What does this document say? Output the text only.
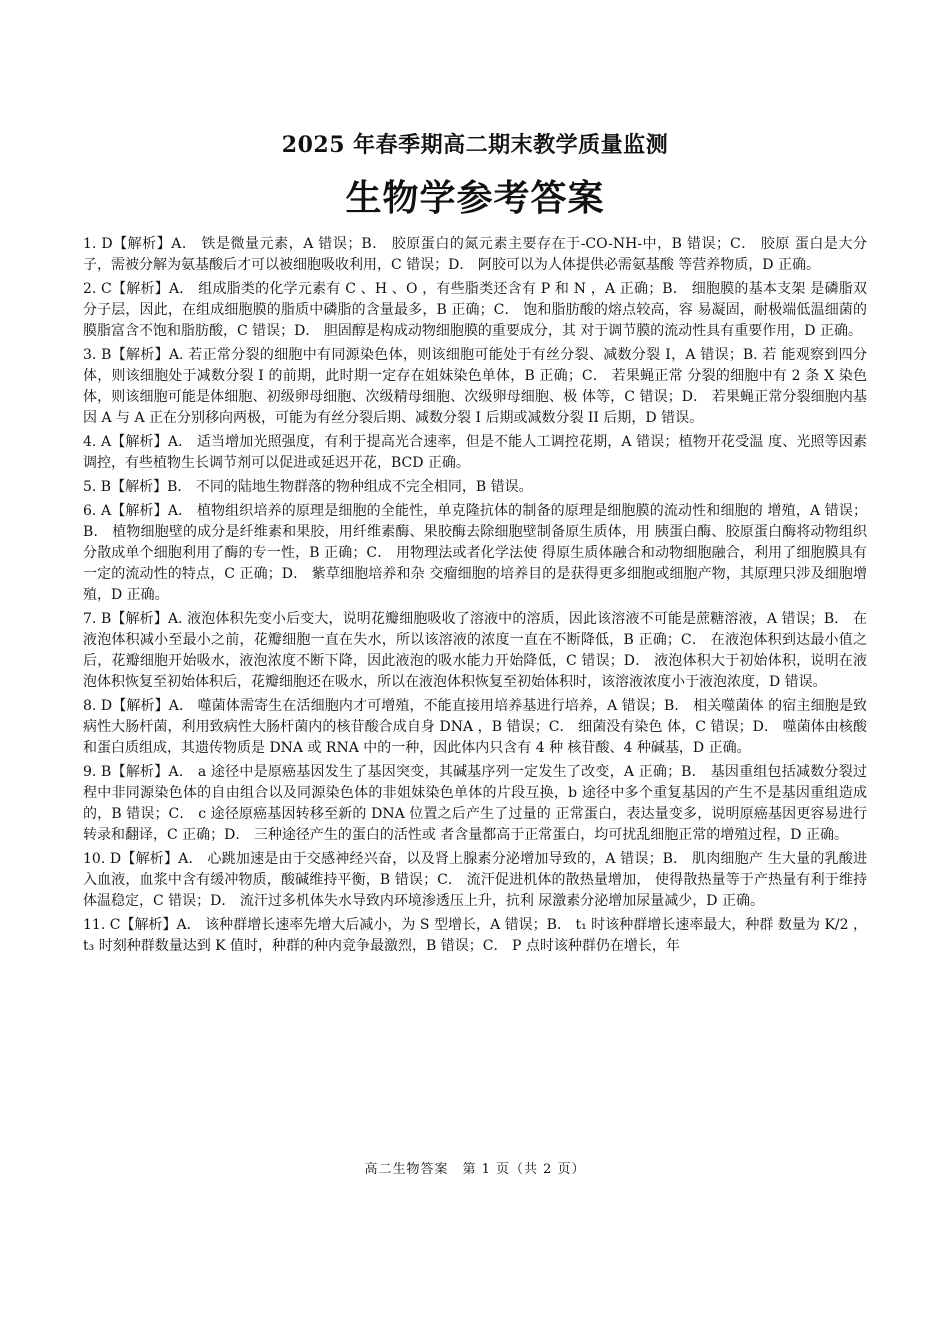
2025 年春季期高二期末教学质量监测
生物学参考答案

1. D【解析】A． 铁是微量元素，A 错误；B． 胶原蛋白的氮元素主要存在于-CO-NH-中，B 错误；C． 胶原 蛋白是大分子，需被分解为氨基酸后才可以被细胞吸收利用，C 错误；D． 阿胶可以为人体提供必需氨基酸 等营养物质，D 正确。

2. C【解析】A． 组成脂类的化学元素有 C 、H 、O ，有些脂类还含有 P 和 N ，A 正确；B． 细胞膜的基本支架 是磷脂双分子层，因此，在组成细胞膜的脂质中磷脂的含量最多，B 正确；C． 饱和脂肪酸的熔点较高，容 易凝固，耐极端低温细菌的膜脂富含不饱和脂肪酸，C 错误；D． 胆固醇是构成动物细胞膜的重要成分，其 对于调节膜的流动性具有重要作用，D 正确。

3. B【解析】A. 若正常分裂的细胞中有同源染色体，则该细胞可能处于有丝分裂、减数分裂 I，A 错误；B. 若 能观察到四分体，则该细胞处于减数分裂 I 的前期，此时期一定存在姐妹染色单体，B 正确；C． 若果蝇正常 分裂的细胞中有 2 条 X 染色体，则该细胞可能是体细胞、初级卵母细胞、次级精母细胞、次级卵母细胞、极 体等，C 错误；D． 若果蝇正常分裂细胞内基因 A 与 A 正在分别移向两极，可能为有丝分裂后期、减数分裂 I 后期或减数分裂 II 后期，D 错误。

4. A【解析】A． 适当增加光照强度，有利于提高光合速率，但是不能人工调控花期，A 错误；植物开花受温 度、光照等因素调控，有些植物生长调节剂可以促进或延迟开花，BCD 正确。

5. B【解析】B． 不同的陆地生物群落的物种组成不完全相同，B 错误。

6. A【解析】A． 植物组织培养的原理是细胞的全能性，单克隆抗体的制备的原理是细胞膜的流动性和细胞的 增殖，A 错误；B． 植物细胞壁的成分是纤维素和果胶，用纤维素酶、果胶酶去除细胞壁制备原生质体，用 胰蛋白酶、胶原蛋白酶将动物组织分散成单个细胞利用了酶的专一性，B 正确；C． 用物理法或者化学法使 得原生质体融合和动物细胞融合，利用了细胞膜具有一定的流动性的特点，C 正确；D． 紫草细胞培养和杂 交瘤细胞的培养目的是获得更多细胞或细胞产物，其原理只涉及细胞增殖，D 正确。

7. B【解析】A. 液泡体积先变小后变大，说明花瓣细胞吸收了溶液中的溶质，因此该溶液不可能是蔗糖溶液，A 错误；B． 在液泡体积减小至最小之前，花瓣细胞一直在失水，所以该溶液的浓度一直在不断降低，B 正确；C． 在液泡体积到达最小值之后，花瓣细胞开始吸水，液泡浓度不断下降，因此液泡的吸水能力开始降低，C 错误；D． 液泡体积大于初始体积，说明在液泡体积恢复至初始体积后，花瓣细胞还在吸水，所以在液泡体积恢复至初始体积时，该溶液浓度小于液泡浓度，D 错误。

8. D【解析】A． 噬菌体需寄生在活细胞内才可增殖，不能直接用培养基进行培养，A 错误；B． 相关噬菌体 的宿主细胞是致病性大肠杆菌，利用致病性大肠杆菌内的核苷酸合成自身 DNA ，B 错误；C． 细菌没有染色 体，C 错误；D． 噬菌体由核酸和蛋白质组成，其遗传物质是 DNA 或 RNA 中的一种，因此体内只含有 4 种 核苷酸、4 种碱基，D 正确。

9. B【解析】A． a 途径中是原癌基因发生了基因突变，其碱基序列一定发生了改变，A 正确；B． 基因重组包括减数分裂过程中非同源染色体的自由组合以及同源染色体的非姐妹染色单体的片段互换，b 途径中多个重复基因的产生不是基因重组造成的，B 错误；C． c 途径原癌基因转移至新的 DNA 位置之后产生了过量的 正常蛋白，表达量变多，说明原癌基因更容易进行转录和翻译，C 正确；D． 三种途径产生的蛋白的活性或 者含量都高于正常蛋白，均可扰乱细胞正常的增殖过程，D 正确。

10. D【解析】A． 心跳加速是由于交感神经兴奋，以及肾上腺素分泌增加导致的，A 错误；B． 肌肉细胞产 生大量的乳酸进入血液，血浆中含有缓冲物质，酸碱维持平衡，B 错误；C． 流汗促进机体的散热量增加， 使得散热量等于产热量有利于维持体温稳定，C 错误；D． 流汗过多机体失水导致内环境渗透压上升，抗利 尿激素分泌增加尿量减少，D 正确。

11. C【解析】A． 该种群增长速率先增大后减小，为 S 型增长，A 错误；B． t₁ 时该种群增长速率最大，种群 数量为 K/2 ，t₃ 时刻种群数量达到 K 值时，种群的种内竞争最激烈，B 错误；C． P 点时该种群仍在增长，年

高二生物答案　第 1 页（共 2 页）
